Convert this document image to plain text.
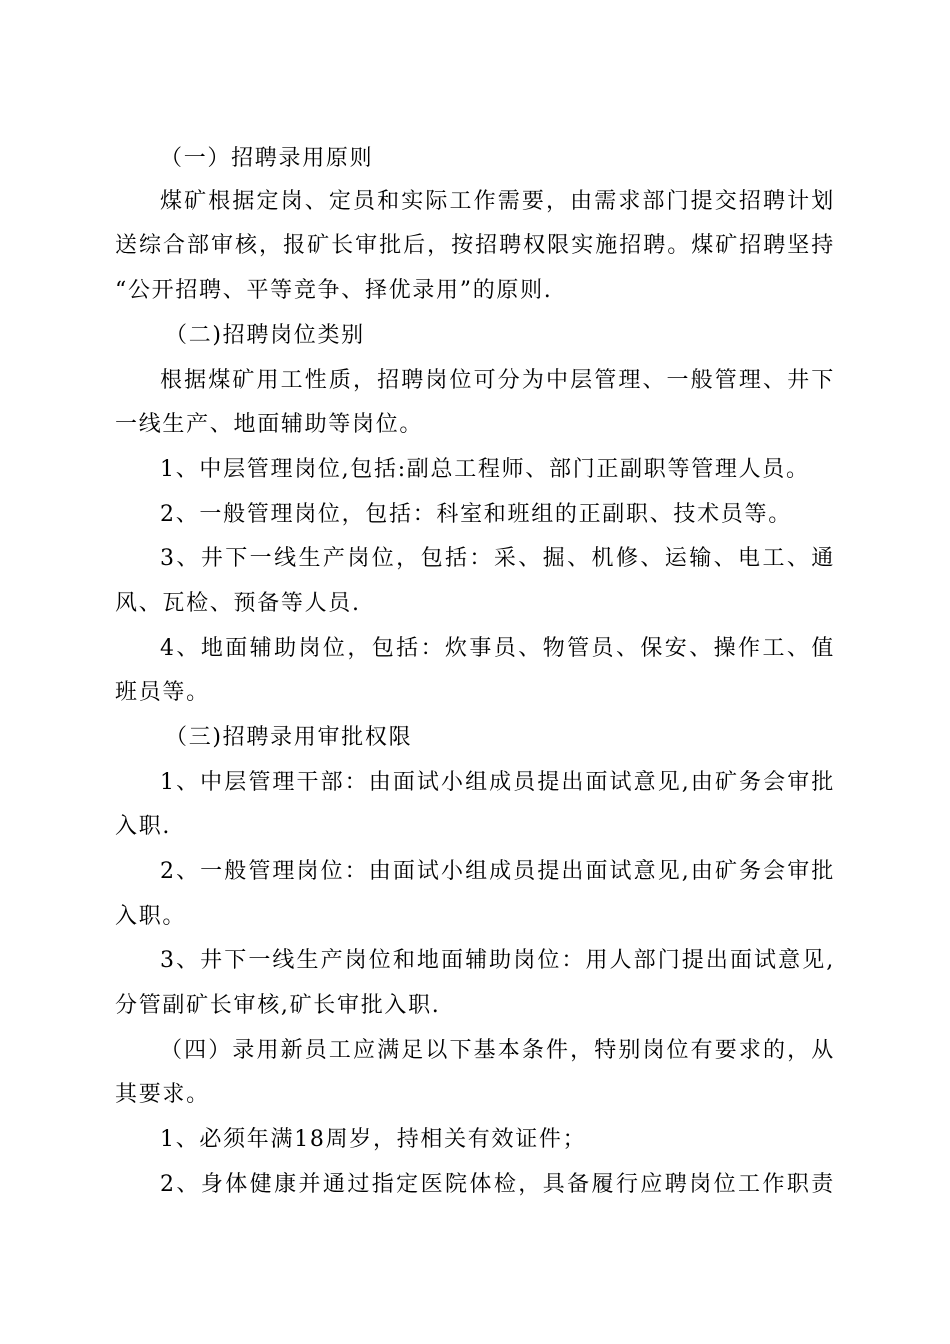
（一）招聘录用原则
煤矿根据定岗、定员和实际工作需要，由需求部门提交招聘计划
送综合部审核，报矿长审批后，按招聘权限实施招聘。煤矿招聘坚持
“公开招聘、平等竞争、择优录用”的原则.
（二)招聘岗位类别
根据煤矿用工性质，招聘岗位可分为中层管理、一般管理、井下
一线生产、地面辅助等岗位。
1、中层管理岗位,包括:副总工程师、部门正副职等管理人员。
2、一般管理岗位，包括：科室和班组的正副职、技术员等。
3、井下一线生产岗位，包括：采、掘、机修、运输、电工、通
风、瓦检、预备等人员.
4、地面辅助岗位，包括：炊事员、物管员、保安、操作工、值
班员等。
（三)招聘录用审批权限
1、中层管理干部：由面试小组成员提出面试意见,由矿务会审批
入职.
2、一般管理岗位：由面试小组成员提出面试意见,由矿务会审批
入职。
3、井下一线生产岗位和地面辅助岗位：用人部门提出面试意见,
分管副矿长审核,矿长审批入职.
（四）录用新员工应满足以下基本条件，特别岗位有要求的，从
其要求。
1、必须年满18周岁，持相关有效证件；
2、身体健康并通过指定医院体检，具备履行应聘岗位工作职责
